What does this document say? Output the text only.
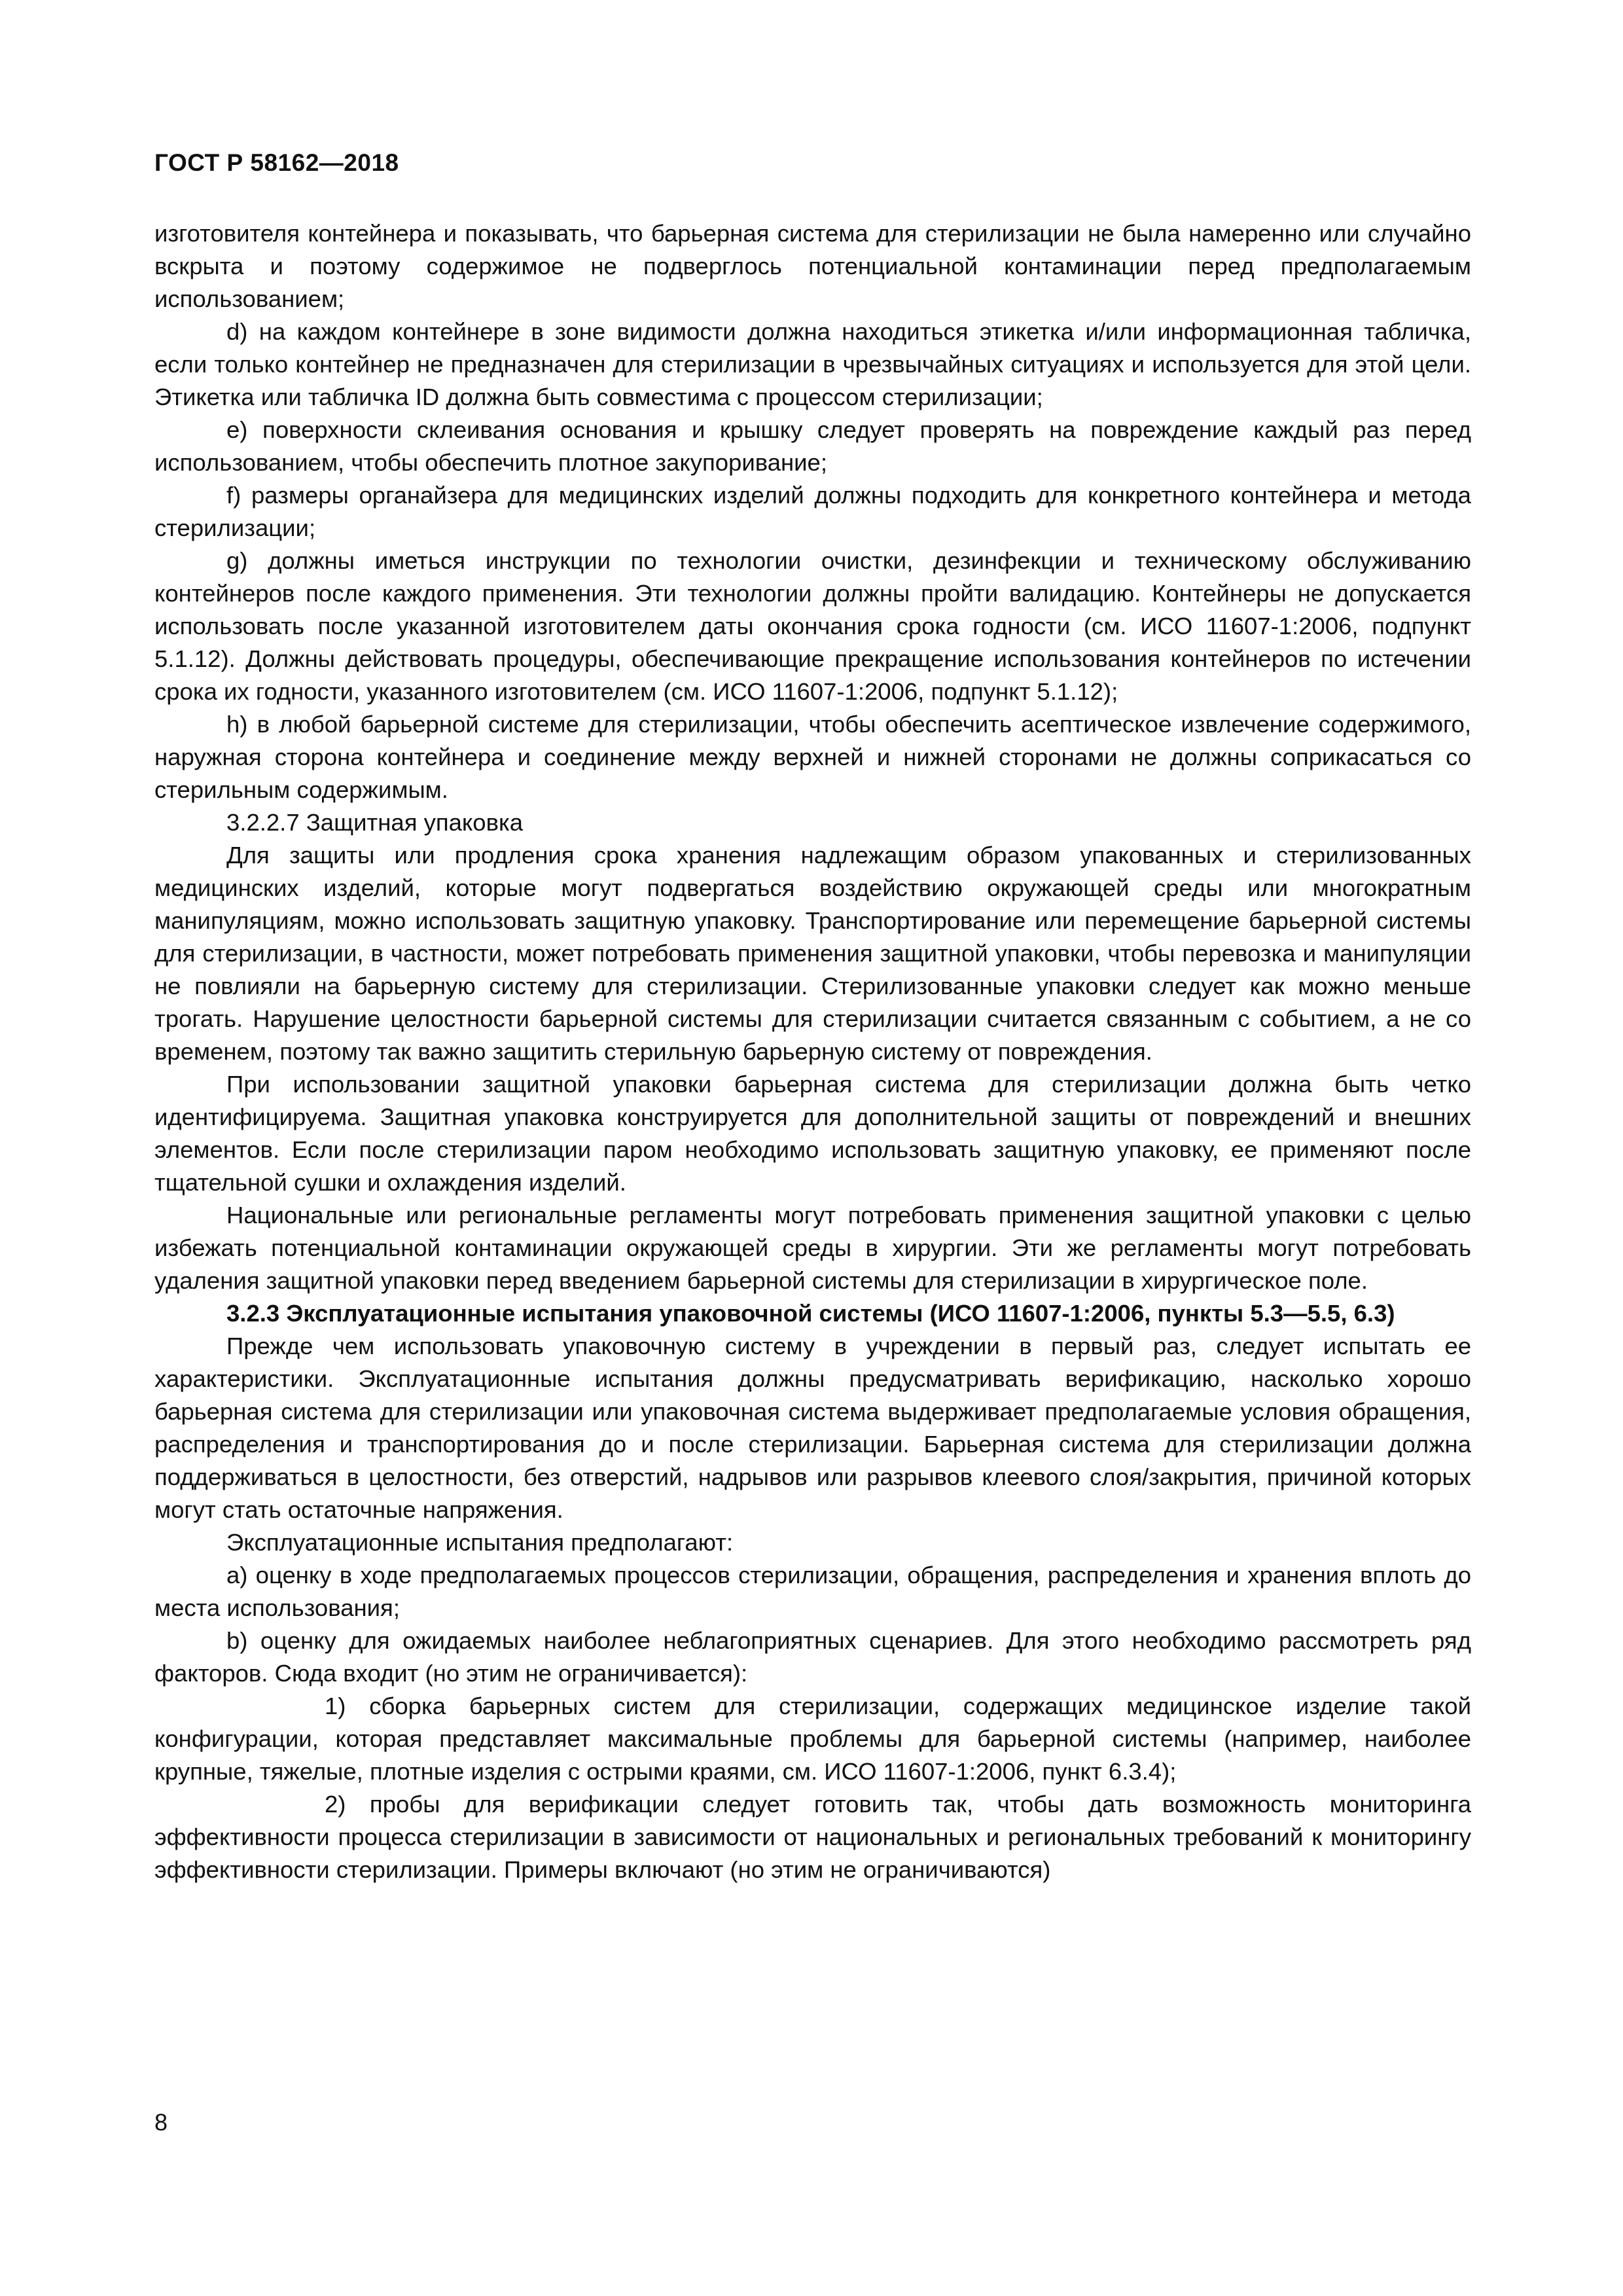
ГОСТ Р 58162—2018

изготовителя контейнера и показывать, что барьерная система для стерилизации не была намеренно или случайно вскрыта и поэтому содержимое не подверглось потенциальной контаминации перед предполагаемым использованием;

d) на каждом контейнере в зоне видимости должна находиться этикетка и/или информационная табличка, если только контейнер не предназначен для стерилизации в чрезвычайных ситуациях и используется для этой цели. Этикетка или табличка ID должна быть совместима с процессом стерилизации;

e) поверхности склеивания основания и крышку следует проверять на повреждение каждый раз перед использованием, чтобы обеспечить плотное закупоривание;

f) размеры органайзера для медицинских изделий должны подходить для конкретного контейнера и метода стерилизации;

g) должны иметься инструкции по технологии очистки, дезинфекции и техническому обслуживанию контейнеров после каждого применения. Эти технологии должны пройти валидацию. Контейнеры не допускается использовать после указанной изготовителем даты окончания срока годности (см. ИСО 11607-1:2006, подпункт 5.1.12). Должны действовать процедуры, обеспечивающие прекращение использования контейнеров по истечении срока их годности, указанного изготовителем (см. ИСО 11607-1:2006, подпункт 5.1.12);

h) в любой барьерной системе для стерилизации, чтобы обеспечить асептическое извлечение содержимого, наружная сторона контейнера и соединение между верхней и нижней сторонами не должны соприкасаться со стерильным содержимым.

3.2.2.7 Защитная упаковка

Для защиты или продления срока хранения надлежащим образом упакованных и стерилизованных медицинских изделий, которые могут подвергаться воздействию окружающей среды или многократным манипуляциям, можно использовать защитную упаковку. Транспортирование или перемещение барьерной системы для стерилизации, в частности, может потребовать применения защитной упаковки, чтобы перевозка и манипуляции не повлияли на барьерную систему для стерилизации. Стерилизованные упаковки следует как можно меньше трогать. Нарушение целостности барьерной системы для стерилизации считается связанным с событием, а не со временем, поэтому так важно защитить стерильную барьерную систему от повреждения.

При использовании защитной упаковки барьерная система для стерилизации должна быть четко идентифицируема. Защитная упаковка конструируется для дополнительной защиты от повреждений и внешних элементов. Если после стерилизации паром необходимо использовать защитную упаковку, ее применяют после тщательной сушки и охлаждения изделий.

Национальные или региональные регламенты могут потребовать применения защитной упаковки с целью избежать потенциальной контаминации окружающей среды в хирургии. Эти же регламенты могут потребовать удаления защитной упаковки перед введением барьерной системы для стерилизации в хирургическое поле.

3.2.3 Эксплуатационные испытания упаковочной системы (ИСО 11607-1:2006, пункты 5.3—5.5, 6.3)

Прежде чем использовать упаковочную систему в учреждении в первый раз, следует испытать ее характеристики. Эксплуатационные испытания должны предусматривать верификацию, насколько хорошо барьерная система для стерилизации или упаковочная система выдерживает предполагаемые условия обращения, распределения и транспортирования до и после стерилизации. Барьерная система для стерилизации должна поддерживаться в целостности, без отверстий, надрывов или разрывов клеевого слоя/закрытия, причиной которых могут стать остаточные напряжения.

Эксплуатационные испытания предполагают:

a) оценку в ходе предполагаемых процессов стерилизации, обращения, распределения и хранения вплоть до места использования;

b) оценку для ожидаемых наиболее неблагоприятных сценариев. Для этого необходимо рассмотреть ряд факторов. Сюда входит (но этим не ограничивается):

1) сборка барьерных систем для стерилизации, содержащих медицинское изделие такой конфигурации, которая представляет максимальные проблемы для барьерной системы (например, наиболее крупные, тяжелые, плотные изделия с острыми краями, см. ИСО 11607-1:2006, пункт 6.3.4);

2) пробы для верификации следует готовить так, чтобы дать возможность мониторинга эффективности процесса стерилизации в зависимости от национальных и региональных требований к мониторингу эффективности стерилизации. Примеры включают (но этим не ограничиваются)

8
